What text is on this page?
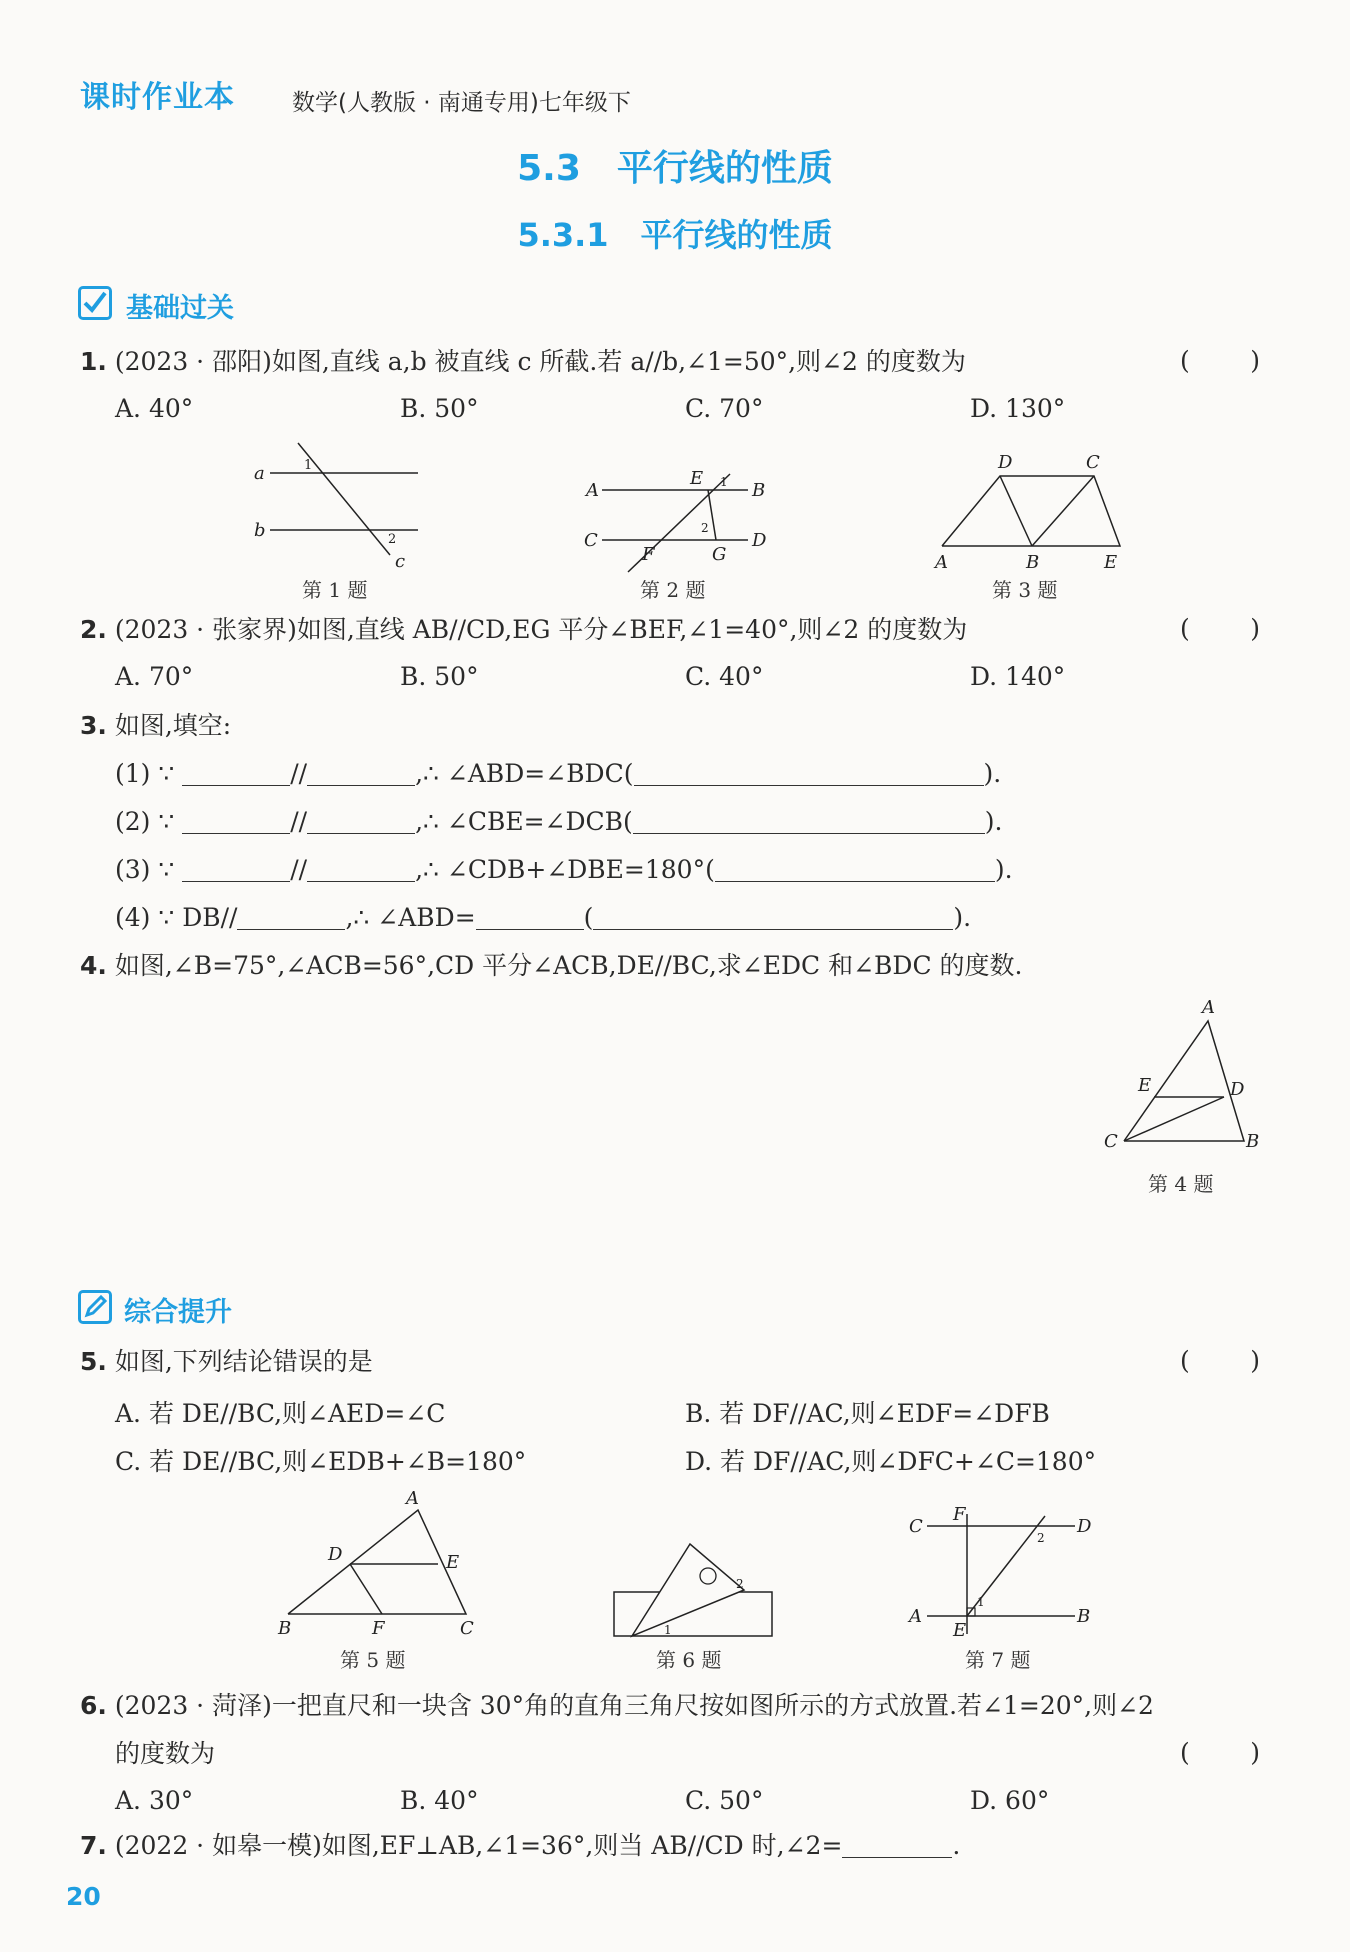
课时作业本 数学(人教版 · 南通专用)七年级下
5.3　平行线的性质
5.3.1　平行线的性质
基础过关
1. (2023 · 邵阳)如图,直线 a,b 被直线 c 所截.若 a//b,∠1=50°,则∠2 的度数为	( )
A. 40°	B. 50°	C. 70°	D. 130°
a
b
c
1
2
第 1 题
A	B
C	D
E
F	G
1
2
第 2 题
A	B
C
D
E
第 3 题
2. (2023 · 张家界)如图,直线 AB//CD,EG 平分∠BEF,∠1=40°,则∠2 的度数为	( )
A. 70°	B. 50°	C. 40°	D. 140°
3. 如图,填空:
(1) ∵	//	,∴ ∠ABD=∠BDC(	).
(2) ∵	//	,∴ ∠CBE=∠DCB(	).
(3) ∵	//	,∴ ∠CDB+∠DBE=180°(	).
(4) ∵ DB//	,∴ ∠ABD=	(	).
4. 如图,∠B=75°,∠ACB=56°,CD 平分∠ACB,DE//BC,求∠EDC 和∠BDC 的度数.
A
B
C
D
E
第 4 题
综合提升
5. 如图,下列结论错误的是	( )
A. 若 DE//BC,则∠AED=∠C	B. 若 DF//AC,则∠EDF=∠DFB
C. 若 DE//BC,则∠EDB+∠B=180°	D. 若 DF//AC,则∠DFC+∠C=180°
A
B	C
D	E
F
第 5 题
1
2
第 6 题
A	B
C	D
E
F
1
2
第 7 题
6. (2023 · 菏泽)一把直尺和一块含 30°角的直角三角尺按如图所示的方式放置.若∠1=20°,则∠2
的度数为	( )
A. 30°	B. 40°	C. 50°	D. 60°
7. (2022 · 如皋一模)如图,EF⊥AB,∠1=36°,则当 AB//CD 时,∠2=	.
20
